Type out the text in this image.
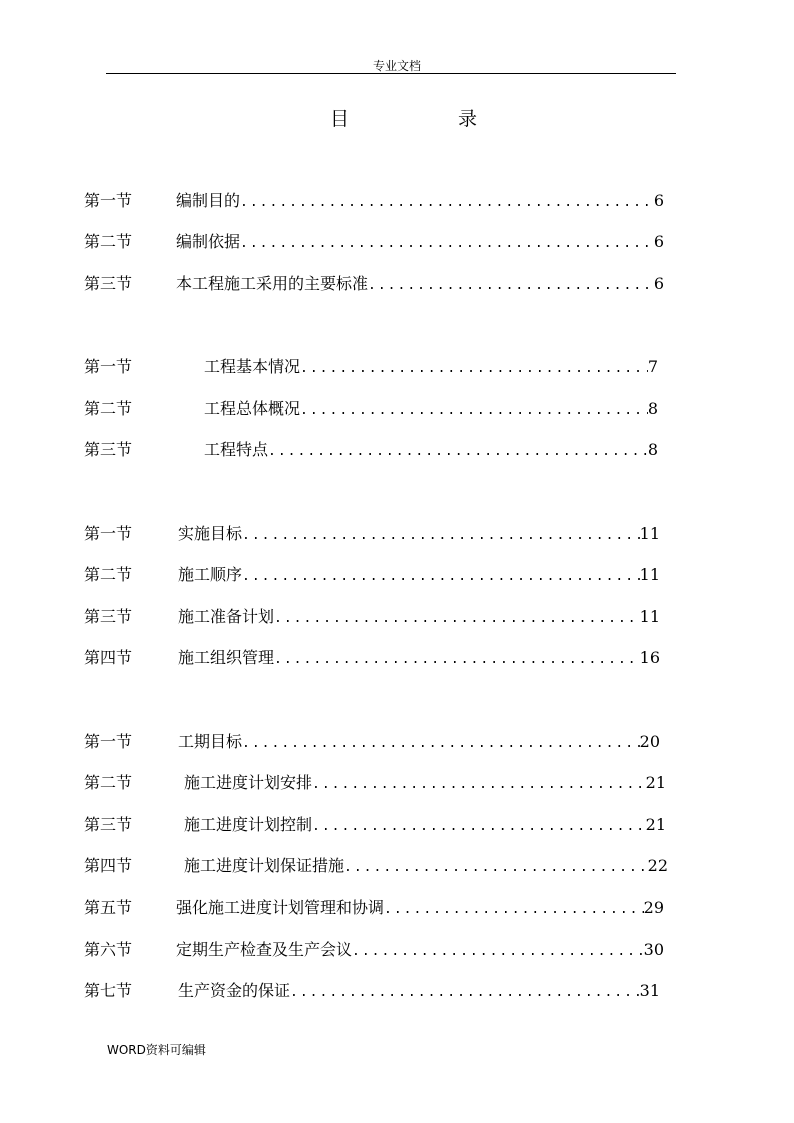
专业文档
目	录
第一节	编制目的 .....	6
第二节	编制依据 .....	6
第三节	本工程施工采用的主要标准 .....	6
第一节	工程基本情况 .....	7
第二节	工程总体概况 .....	8
第三节	工程特点 .....	8
第一节	实施目标 .....	11
第二节	施工顺序 .....	11
第三节	施工准备计划 .....	11
第四节	施工组织管理 .....	16
第一节	工期目标 .....	20
第二节	施工进度计划安排 .....	21
第三节	施工进度计划控制 .....	21
第四节	施工进度计划保证措施 .....	22
第五节	强化施工进度计划管理和协调 .....	29
第六节	定期生产检查及生产会议 .....	30
第七节	生产资金的保证 .....	31
WORD资料可编辑
